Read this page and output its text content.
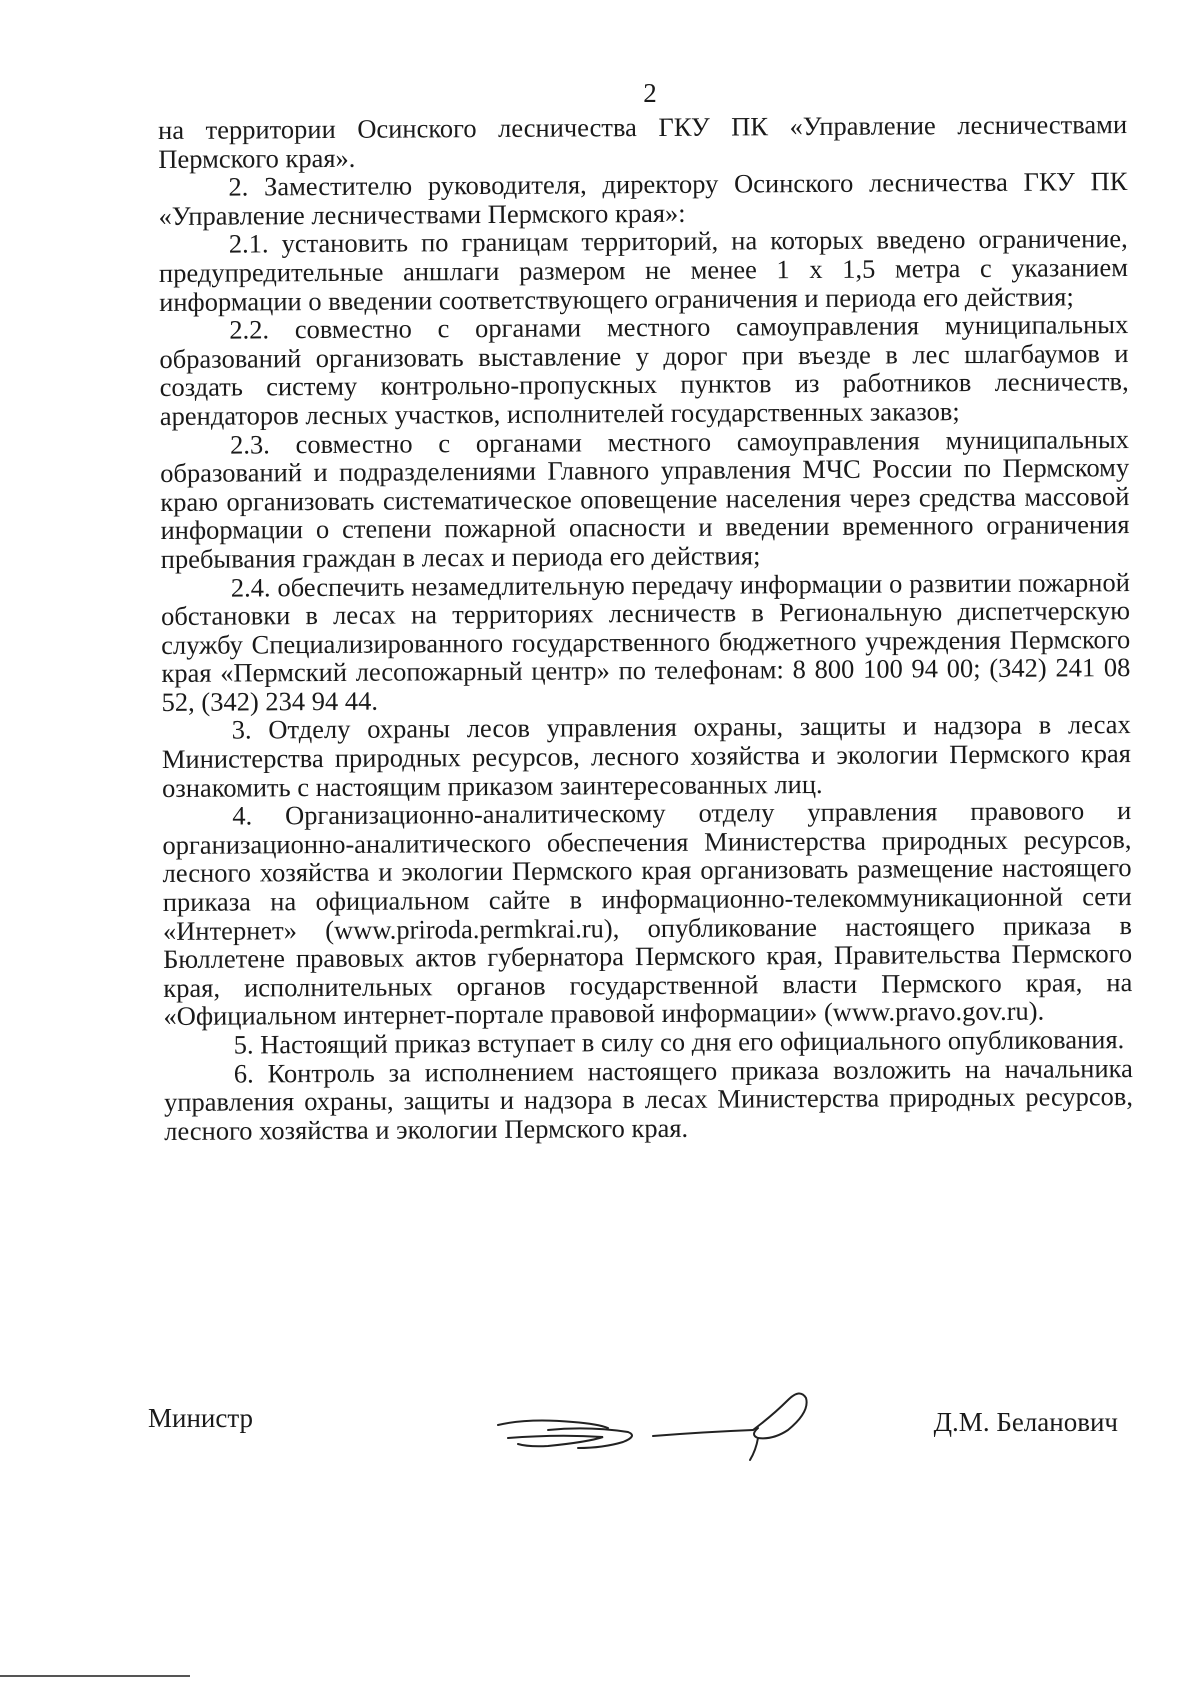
2

на территории Осинского лесничества ГКУ ПК «Управление лесничествами Пермского края».

2. Заместителю руководителя, директору Осинского лесничества ГКУ ПК «Управление лесничествами Пермского края»:

2.1. установить по границам территорий, на которых введено ограничение, предупредительные аншлаги размером не менее 1 х 1,5 метра с указанием информации о введении соответствующего ограничения и периода его действия;

2.2. совместно с органами местного самоуправления муниципальных образований организовать выставление у дорог при въезде в лес шлагбаумов и создать систему контрольно-пропускных пунктов из работников лесничеств, арендаторов лесных участков, исполнителей государственных заказов;

2.3. совместно с органами местного самоуправления муниципальных образований и подразделениями Главного управления МЧС России по Пермскому краю организовать систематическое оповещение населения через средства массовой информации о степени пожарной опасности и введении временного ограничения пребывания граждан в лесах и периода его действия;

2.4. обеспечить незамедлительную передачу информации о развитии пожарной обстановки в лесах на территориях лесничеств в Региональную диспетчерскую службу Специализированного государственного бюджетного учреждения Пермского края «Пермский лесопожарный центр» по телефонам: 8 800 100 94 00; (342) 241 08 52, (342) 234 94 44.

3. Отделу охраны лесов управления охраны, защиты и надзора в лесах Министерства природных ресурсов, лесного хозяйства и экологии Пермского края ознакомить с настоящим приказом заинтересованных лиц.

4. Организационно-аналитическому отделу управления правового и организационно-аналитического обеспечения Министерства природных ресурсов, лесного хозяйства и экологии Пермского края организовать размещение настоящего приказа на официальном сайте в информационно-телекоммуникационной сети «Интернет» (www.priroda.permkrai.ru), опубликование настоящего приказа в Бюллетене правовых актов губернатора Пермского края, Правительства Пермского края, исполнительных органов государственной власти Пермского края, на «Официальном интернет-портале правовой информации» (www.pravo.gov.ru).

5. Настоящий приказ вступает в силу со дня его официального опубликования.

6. Контроль за исполнением настоящего приказа возложить на начальника управления охраны, защиты и надзора в лесах Министерства природных ресурсов, лесного хозяйства и экологии Пермского края.

Министр	Д.М. Беланович
